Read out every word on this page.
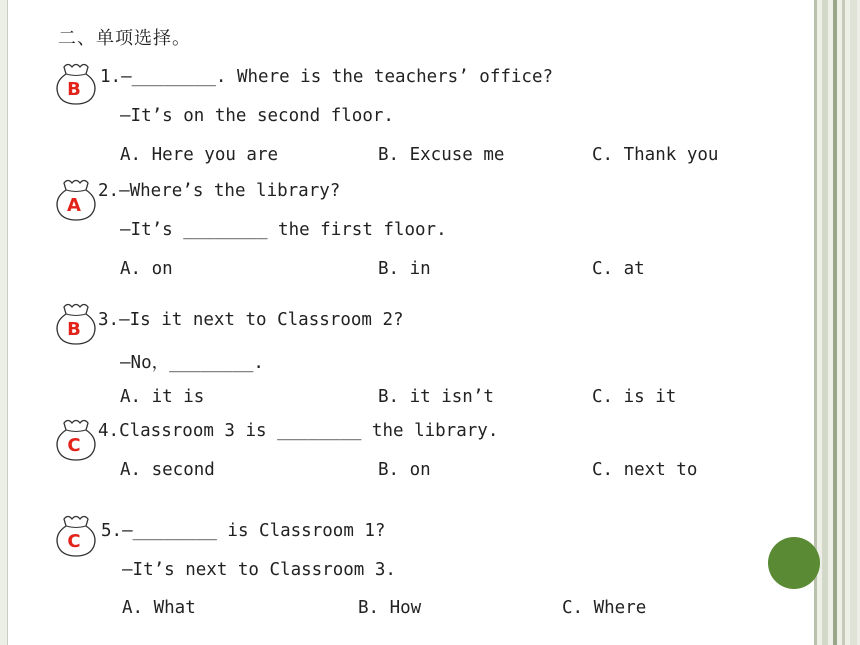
二、单项选择。
B
1.—________. Where is the teachers’ office?
—It’s on the second floor.
A. Here you are	B. Excuse me	C. Thank you
A
2.—Where’s the library?
—It’s ________ the first floor.
A. on	B. in	C. at
B 3.—Is it next to Classroom 2?
—No，________.
A. it is	B. it isn’t	C. is it
C
4.Classroom 3 is ________ the library.
A. second	B. on	C. next to
C	5.—________ is Classroom 1?
—It’s next to Classroom 3.
A. What	B. How	C. Where
